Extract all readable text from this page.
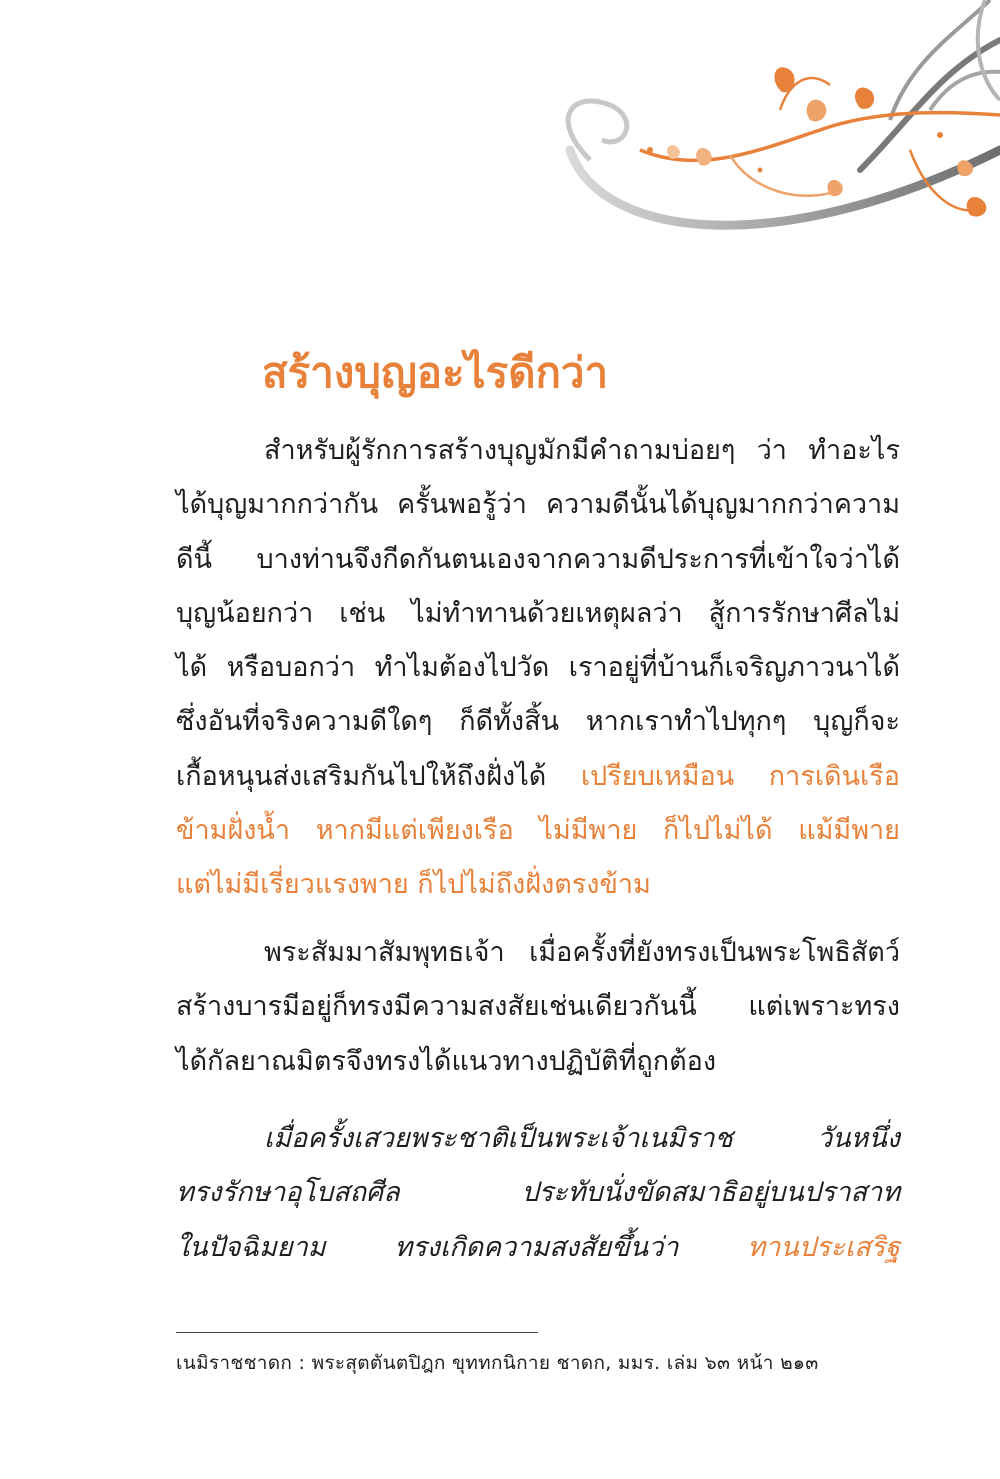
สร้างบุญอะไรดีกว่า
สำหรับผู้รักการสร้างบุญมักมีคำถามบ่อยๆ ว่า ทำอะไร
ได้บุญมากกว่ากัน ครั้นพอรู้ว่า ความดีนั้นได้บุญมากกว่าความ
ดีนี้ บางท่านจึงกีดกันตนเองจากความดีประการที่เข้าใจว่าได้
บุญน้อยกว่า เช่น ไม่ทำทานด้วยเหตุผลว่า สู้การรักษาศีลไม่
ได้ หรือบอกว่า ทำไมต้องไปวัด เราอยู่ที่บ้านก็เจริญภาวนาได้
ซึ่งอันที่จริงความดีใดๆ ก็ดีทั้งสิ้น หากเราทำไปทุกๆ บุญก็จะ
เกื้อหนุนส่งเสริมกันไปให้ถึงฝั่งได้ เปรียบเหมือน การเดินเรือ
ข้ามฝั่งน้ำ หากมีแต่เพียงเรือ ไม่มีพาย ก็ไปไม่ได้ แม้มีพาย
แต่ไม่มีเรี่ยวแรงพาย ก็ไปไม่ถึงฝั่งตรงข้าม
พระสัมมาสัมพุทธเจ้า เมื่อครั้งที่ยังทรงเป็นพระโพธิสัตว์
สร้างบารมีอยู่ก็ทรงมีความสงสัยเช่นเดียวกันนี้ แต่เพราะทรง
ได้กัลยาณมิตรจึงทรงได้แนวทางปฏิบัติที่ถูกต้อง
เมื่อครั้งเสวยพระชาติเป็นพระเจ้าเนมิราช วันหนึ่ง
ทรงรักษาอุโบสถศีล ประทับนั่งขัดสมาธิอยู่บนปราสาท
ในปัจฉิมยาม ทรงเกิดความสงสัยขึ้นว่า ทานประเสริฐ
เนมิราชชาดก : พระสุตตันตปิฎก ขุททกนิกาย ชาดก, มมร. เล่ม ๖๓ หน้า ๒๑๓
